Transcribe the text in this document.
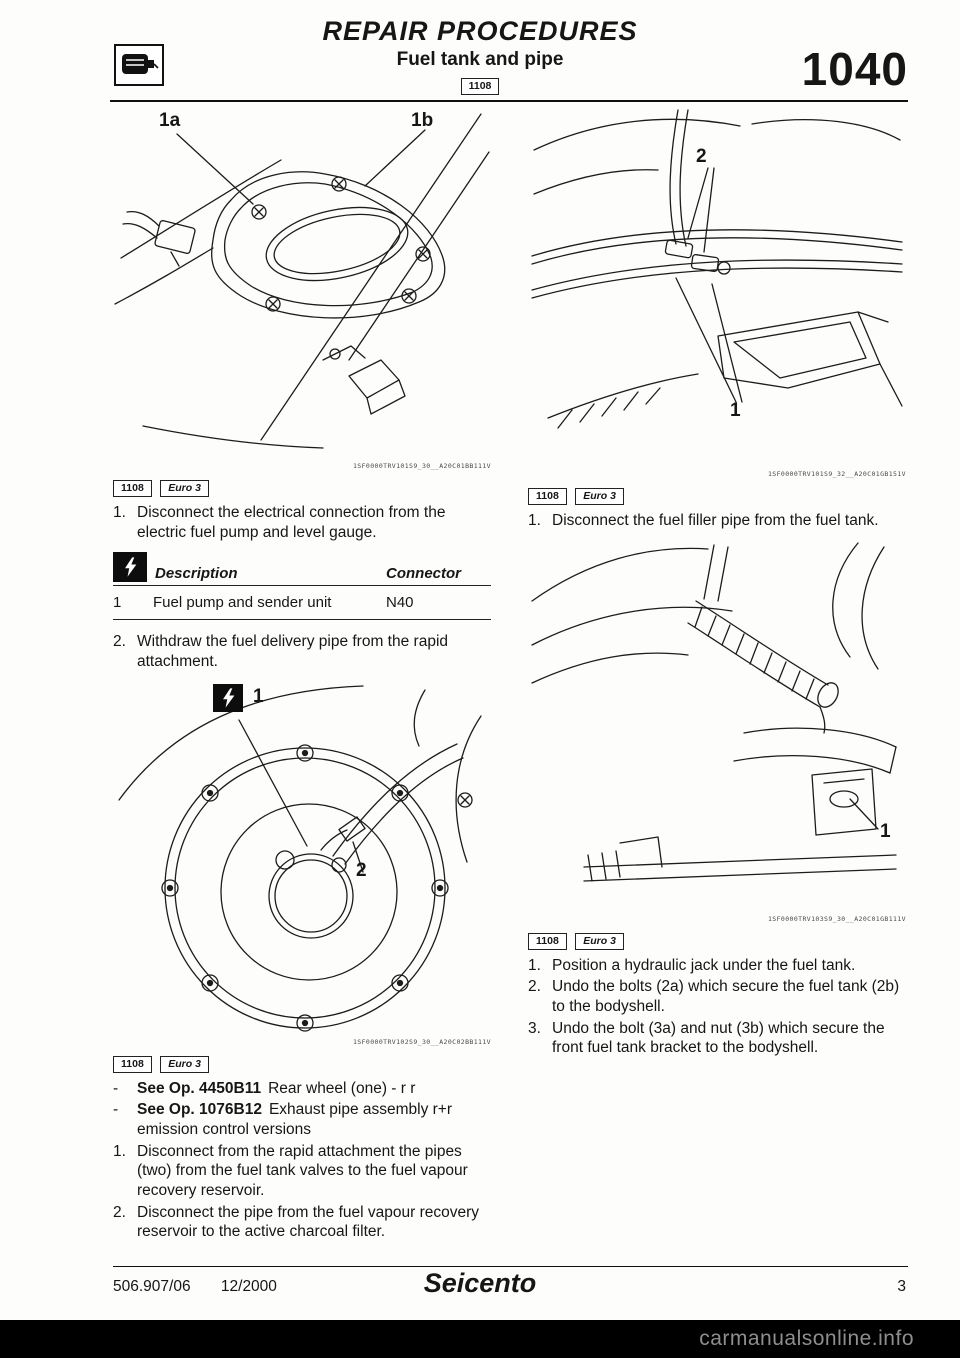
REPAIR PROCEDURES
Fuel tank and pipe
1108	1040
1a	1b
1SF0000TRV101S9_30__A20C01BB111V
1108 Euro 3
1. Disconnect the electrical connection from the electric fuel pump and level gauge.
Description	Connector
1	Fuel pump and sender unit	N40
2. Withdraw the fuel delivery pipe from the rapid attachment.
1
2
1SF0000TRV102S9_30__A20C02BB111V
1108 Euro 3
-	See Op. 4450B11 Rear wheel (one) - r r
-	See Op. 1076B12 Exhaust pipe assembly r+r emission control versions
1. Disconnect from the rapid attachment the pipes (two) from the fuel tank valves to the fuel vapour recovery reservoir.
2. Disconnect the pipe from the fuel vapour recovery reservoir to the active charcoal filter.
2
1
1SF0000TRV101S9_32__A20C01GB151V
1108 Euro 3
1. Disconnect the fuel filler pipe from the fuel tank.
1
1SF0000TRV103S9_30__A20C01GB111V
1108 Euro 3
1. Position a hydraulic jack under the fuel tank.
2. Undo the bolts (2a) which secure the fuel tank (2b) to the bodyshell.
3. Undo the bolt (3a) and nut (3b) which secure the front fuel tank bracket to the bodyshell.
506.907/06 12/2000	Seicento	3
carmanualsonline.info
